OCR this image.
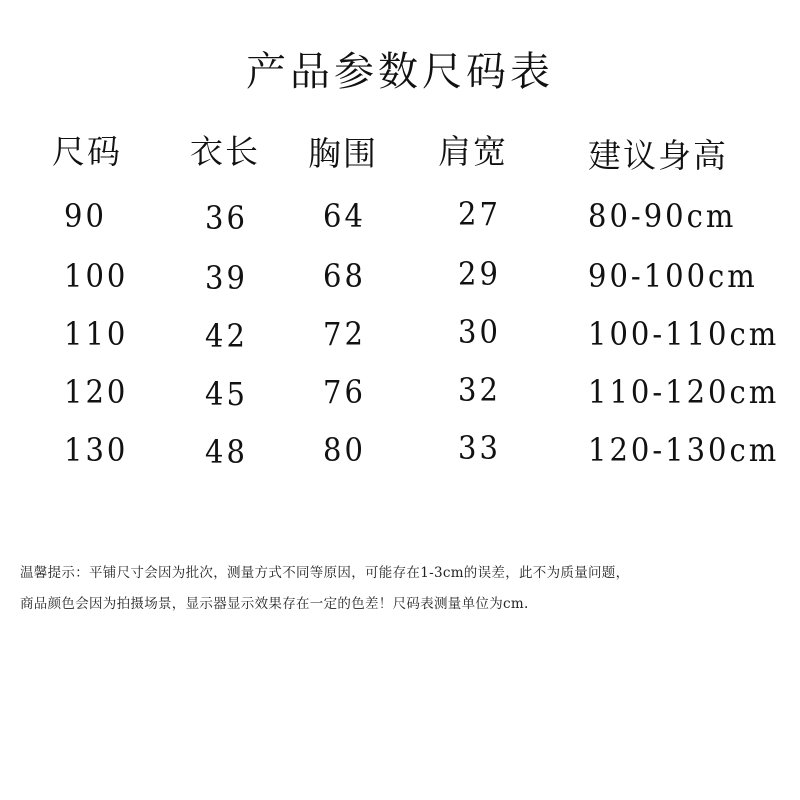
产品参数尺码表
尺码 衣长 胸围 肩宽 建议身高
90	36	64	27	80-90cm
100	39	68	29	90-100cm
110	42	72	30	100-110cm
120	45	76	32	110-120cm
130	48	80	33	120-130cm
温馨提示：平铺尺寸会因为批次，测量方式不同等原因，可能存在1-3cm的误差，此不为质量问题，
商品颜色会因为拍摄场景，显示器显示效果存在一定的色差！尺码表测量单位为cm.
